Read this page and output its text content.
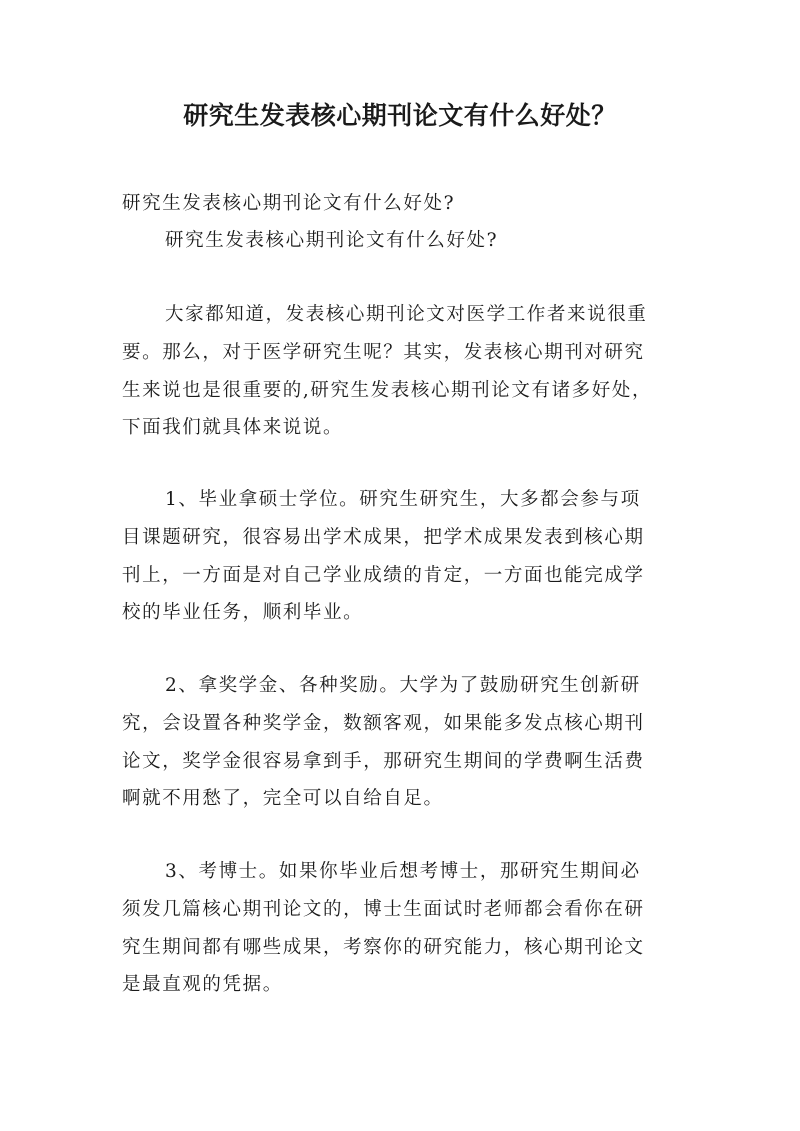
研究生发表核心期刊论文有什么好处？

研究生发表核心期刊论文有什么好处?

研究生发表核心期刊论文有什么好处?

大家都知道，发表核心期刊论文对医学工作者来说很重
要。那么，对于医学研究生呢？其实，发表核心期刊对研究
生来说也是很重要的,研究生发表核心期刊论文有诸多好处，
下面我们就具体来说说。

1、毕业拿硕士学位。研究生研究生，大多都会参与项
目课题研究，很容易出学术成果，把学术成果发表到核心期
刊上，一方面是对自己学业成绩的肯定，一方面也能完成学
校的毕业任务，顺利毕业。

2、拿奖学金、各种奖励。大学为了鼓励研究生创新研
究，会设置各种奖学金，数额客观，如果能多发点核心期刊
论文，奖学金很容易拿到手，那研究生期间的学费啊生活费
啊就不用愁了，完全可以自给自足。

3、考博士。如果你毕业后想考博士，那研究生期间必
须发几篇核心期刊论文的，博士生面试时老师都会看你在研
究生期间都有哪些成果，考察你的研究能力，核心期刊论文
是最直观的凭据。
